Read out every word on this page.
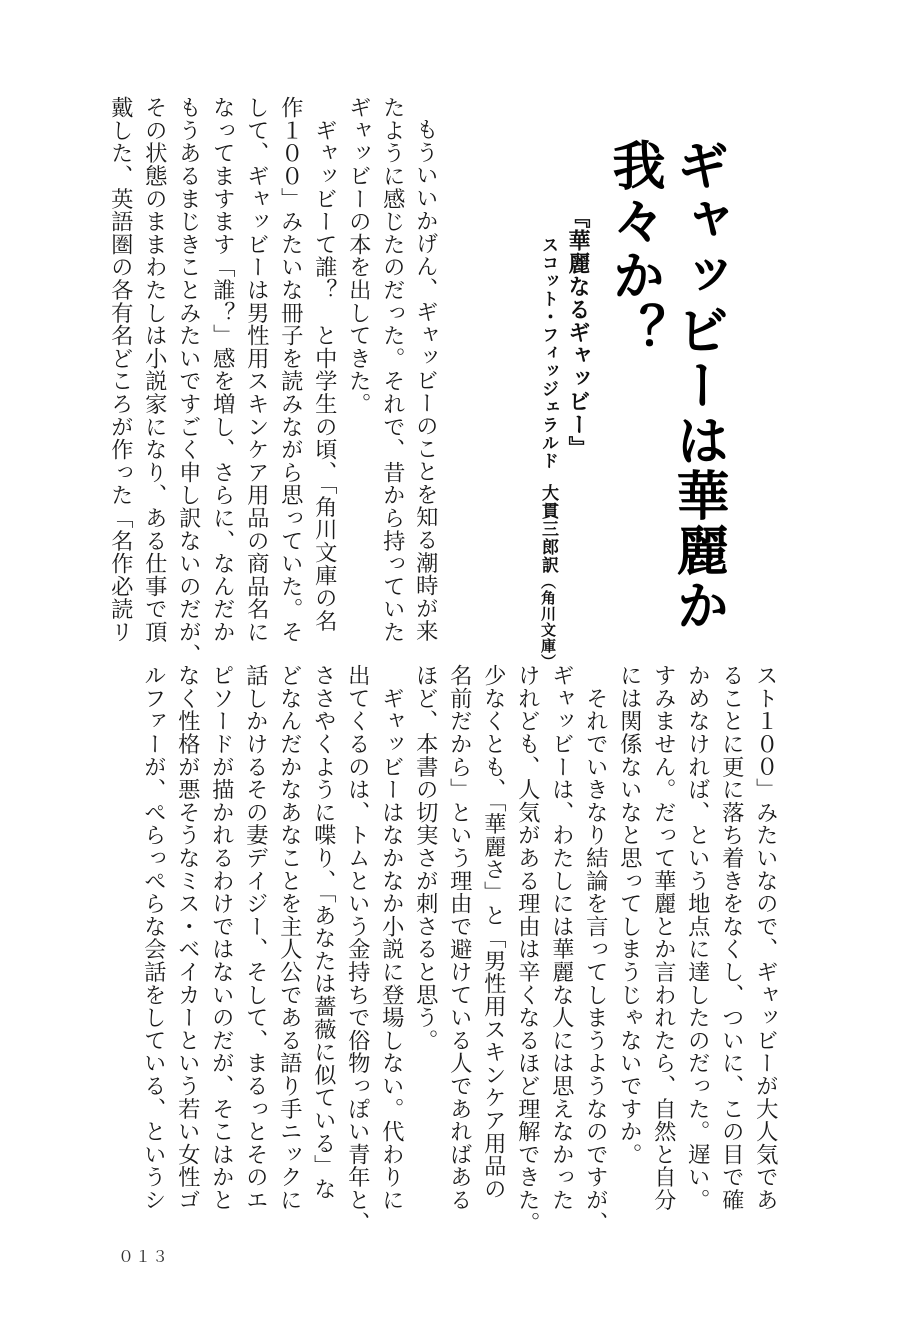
ギャッビーは華麗か
我々か？
『華麗なるギャッビー』
スコット・フィッジェラルド大貫三郎訳（角川文庫）

もういいかげん、ギャッビーのことを知る潮時が来

たように感じたのだった。それで、昔から持っていた

ギャッビーの本を出してきた。

　ギャッビーて誰？　と中学生の頃、「角川文庫の名

作１００」みたいな冊子を読みながら思っていた。そ

して、ギャッビーは男性用スキンケア用品の商品名に

なってますます「誰？」感を増し、さらに、なんだか

もうあるまじきことみたいですごく申し訳ないのだが、

その状態のままわたしは小説家になり、ある仕事で頂

戴した、英語圏の各有名どころが作った「名作必読リ

スト１００」みたいなので、ギャッビーが大人気であ

ることに更に落ち着きをなくし、ついに、この目で確

かめなければ、という地点に達したのだった。遅い。

すみません。だって華麗とか言われたら、自然と自分

には関係ないなと思ってしまうじゃないですか。

　それでいきなり結論を言ってしまうようなのですが、

ギャッビーは、わたしには華麗な人には思えなかった

けれども、人気がある理由は辛くなるほど理解できた。

少なくとも、「華麗さ」と「男性用スキンケア用品の

名前だから」という理由で避けている人であればある

ほど、本書の切実さが刺さると思う。

　ギャッビーはなかなか小説に登場しない。代わりに

出てくるのは、トムという金持ちで俗物っぽい青年と、

ささやくように喋り、「あなたは薔薇に似ている」な

どなんだかなあなことを主人公である語り手ニックに

話しかけるその妻デイジー、そして、まるっとそのエ

ピソードが描かれるわけではないのだが、そこはかと

なく性格が悪そうなミス・ベイカーという若い女性ゴ

ルファーが、ぺらっぺらな会話をしている、というシ

０１３
